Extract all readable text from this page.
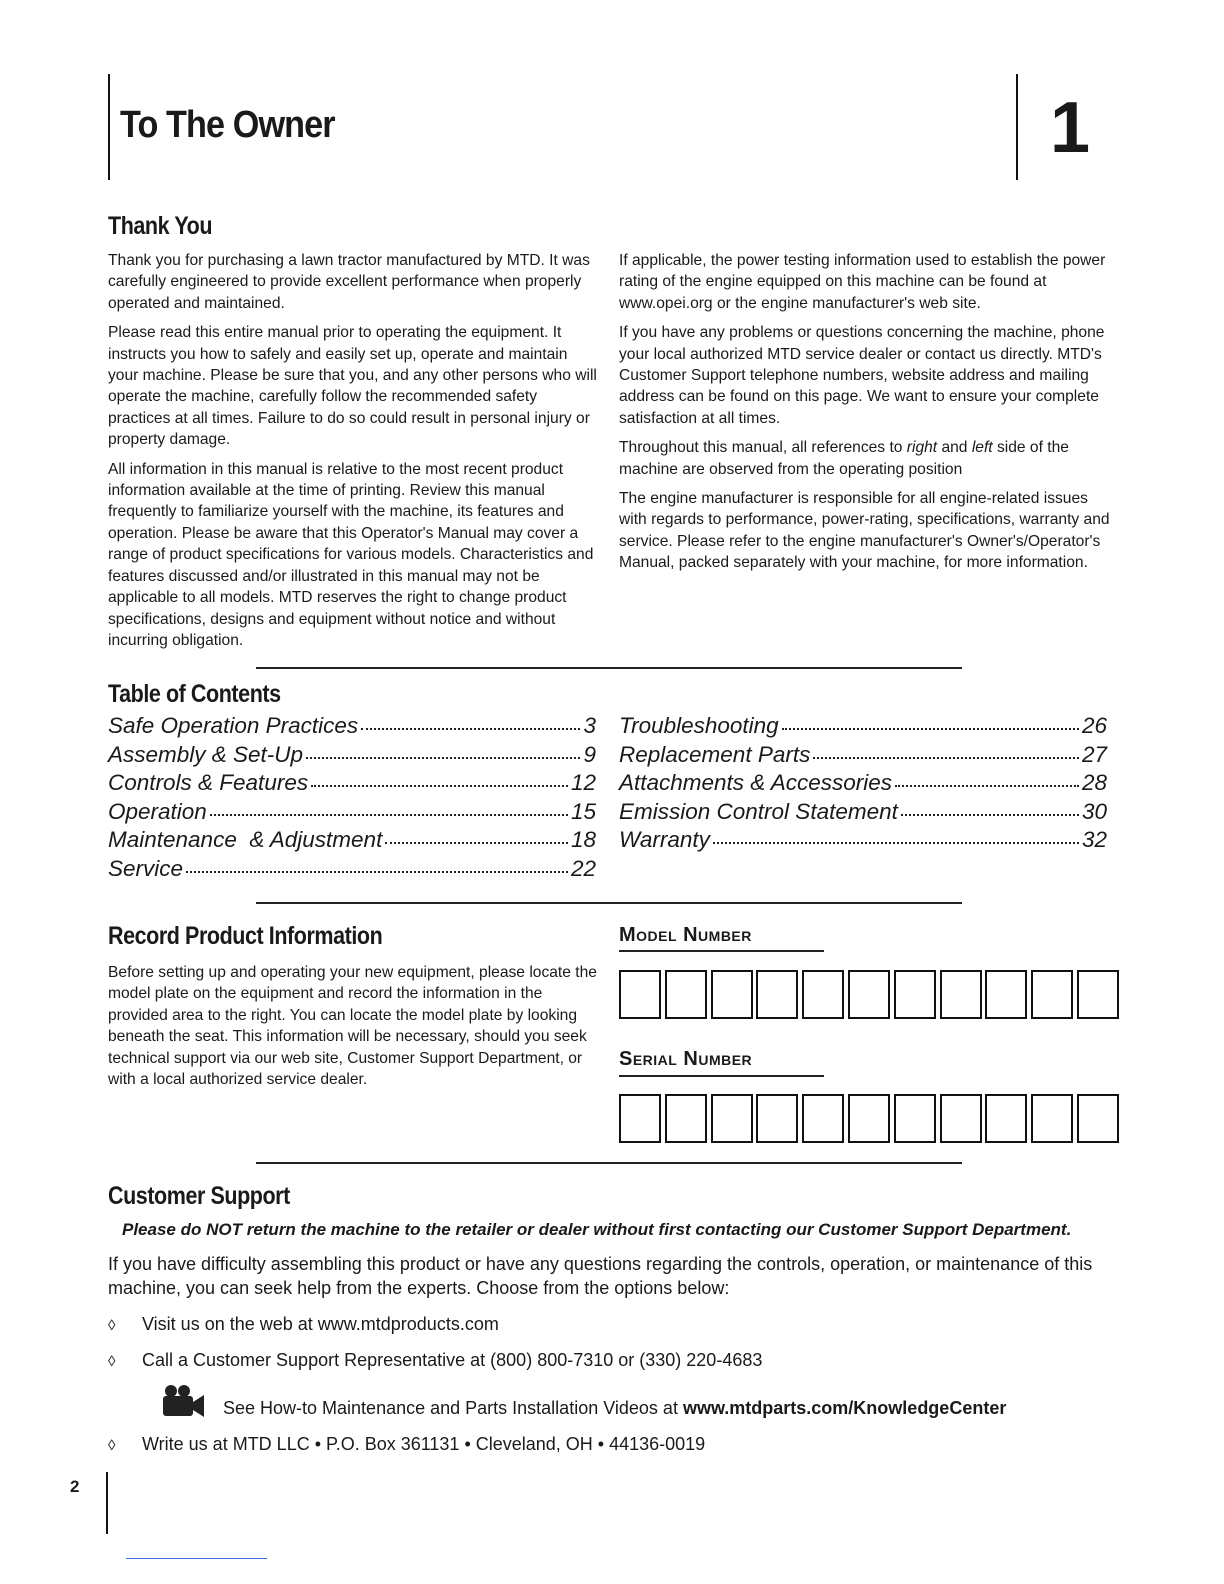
To The Owner	1
Thank You

Thank you for purchasing a lawn tractor manufactured by MTD. It was carefully engineered to provide excellent performance when properly operated and maintained.

Please read this entire manual prior to operating the equipment. It instructs you how to safely and easily set up, operate and maintain your machine. Please be sure that you, and any other persons who will operate the machine, carefully follow the recommended safety practices at all times. Failure to do so could result in personal injury or property damage.

All information in this manual is relative to the most recent product information available at the time of printing. Review this manual frequently to familiarize yourself with the machine, its features and operation. Please be aware that this Operator's Manual may cover a range of product specifications for various models. Characteristics and features discussed and/or illustrated in this manual may not be applicable to all models. MTD reserves the right to change product specifications, designs and equipment without notice and without incurring obligation.

If applicable, the power testing information used to establish the power rating of the engine equipped on this machine can be found at www.opei.org or the engine manufacturer's web site.

If you have any problems or questions concerning the machine, phone your local authorized MTD service dealer or contact us directly. MTD's Customer Support telephone numbers, website address and mailing address can be found on this page. We want to ensure your complete satisfaction at all times.

Throughout this manual, all references to right and left side of the machine are observed from the operating position

The engine manufacturer is responsible for all engine-related issues with regards to performance, power-rating, specifications, warranty and service. Please refer to the engine manufacturer's Owner's/Operator's Manual, packed separately with your machine, for more information.

Table of Contents
Safe Operation Practices	3
Assembly & Set-Up	9
Controls & Features	12
Operation	15
Maintenance  & Adjustment	18
Service	22
Troubleshooting	26
Replacement Parts	27
Attachments & Accessories	28
Emission Control Statement	30
Warranty	32
Record Product Information
Before setting up and operating your new equipment, please locate the model plate on the equipment and record the information in the provided area to the right. You can locate the model plate by looking beneath the seat. This information will be necessary, should you seek technical support via our web site, Customer Support Department, or with a local authorized service dealer.
Model Number
Serial Number
Customer Support
Please do NOT return the machine to the retailer or dealer without first contacting our Customer Support Department.
If you have difficulty assembling this product or have any questions regarding the controls, operation, or maintenance of this machine, you can seek help from the experts. Choose from the options below:
◊ Visit us on the web at www.mtdproducts.com
◊ Call a Customer Support Representative at (800) 800-7310 or (330) 220-4683
See How-to Maintenance and Parts Installation Videos at www.mtdparts.com/KnowledgeCenter
◊ Write us at MTD LLC • P.O. Box 361131 • Cleveland, OH • 44136-0019
2
